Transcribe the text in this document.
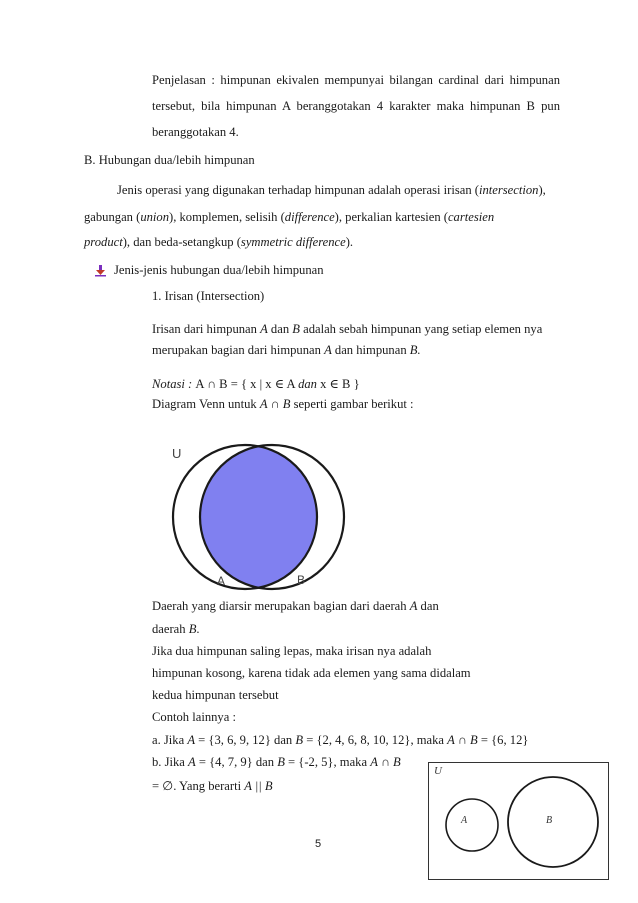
Penjelasan : himpunan ekivalen mempunyai bilangan cardinal dari himpunan
tersebut, bila himpunan A beranggotakan 4 karakter maka himpunan B pun
beranggotakan 4.
B. Hubungan dua/lebih himpunan
Jenis operasi yang digunakan terhadap himpunan adalah operasi irisan (intersection),
gabungan (union), komplemen, selisih (difference), perkalian kartesien (cartesien
product), dan beda-setangkup (symmetric difference).
Jenis-jenis hubungan dua/lebih himpunan
1. Irisan (Intersection)
Irisan dari himpunan A dan B adalah sebah himpunan yang setiap elemen nya
merupakan bagian dari himpunan A dan himpunan B.
Notasi : A ∩ B = { x | x ∈ A dan x ∈ B }
Diagram Venn untuk A ∩ B seperti gambar berikut :
U
A	B
Daerah yang diarsir merupakan bagian dari daerah A dan
daerah B.
Jika dua himpunan saling lepas, maka irisan nya adalah
himpunan kosong, karena tidak ada elemen yang sama didalam
kedua himpunan tersebut
Contoh lainnya :
a. Jika A = {3, 6, 9, 12} dan B = {2, 4, 6, 8, 10, 12}, maka A ∩ B = {6, 12}
b. Jika A = {4, 7, 9} dan B = {-2, 5}, maka A ∩ B
= ∅. Yang berarti A || B
U
A	B
5
